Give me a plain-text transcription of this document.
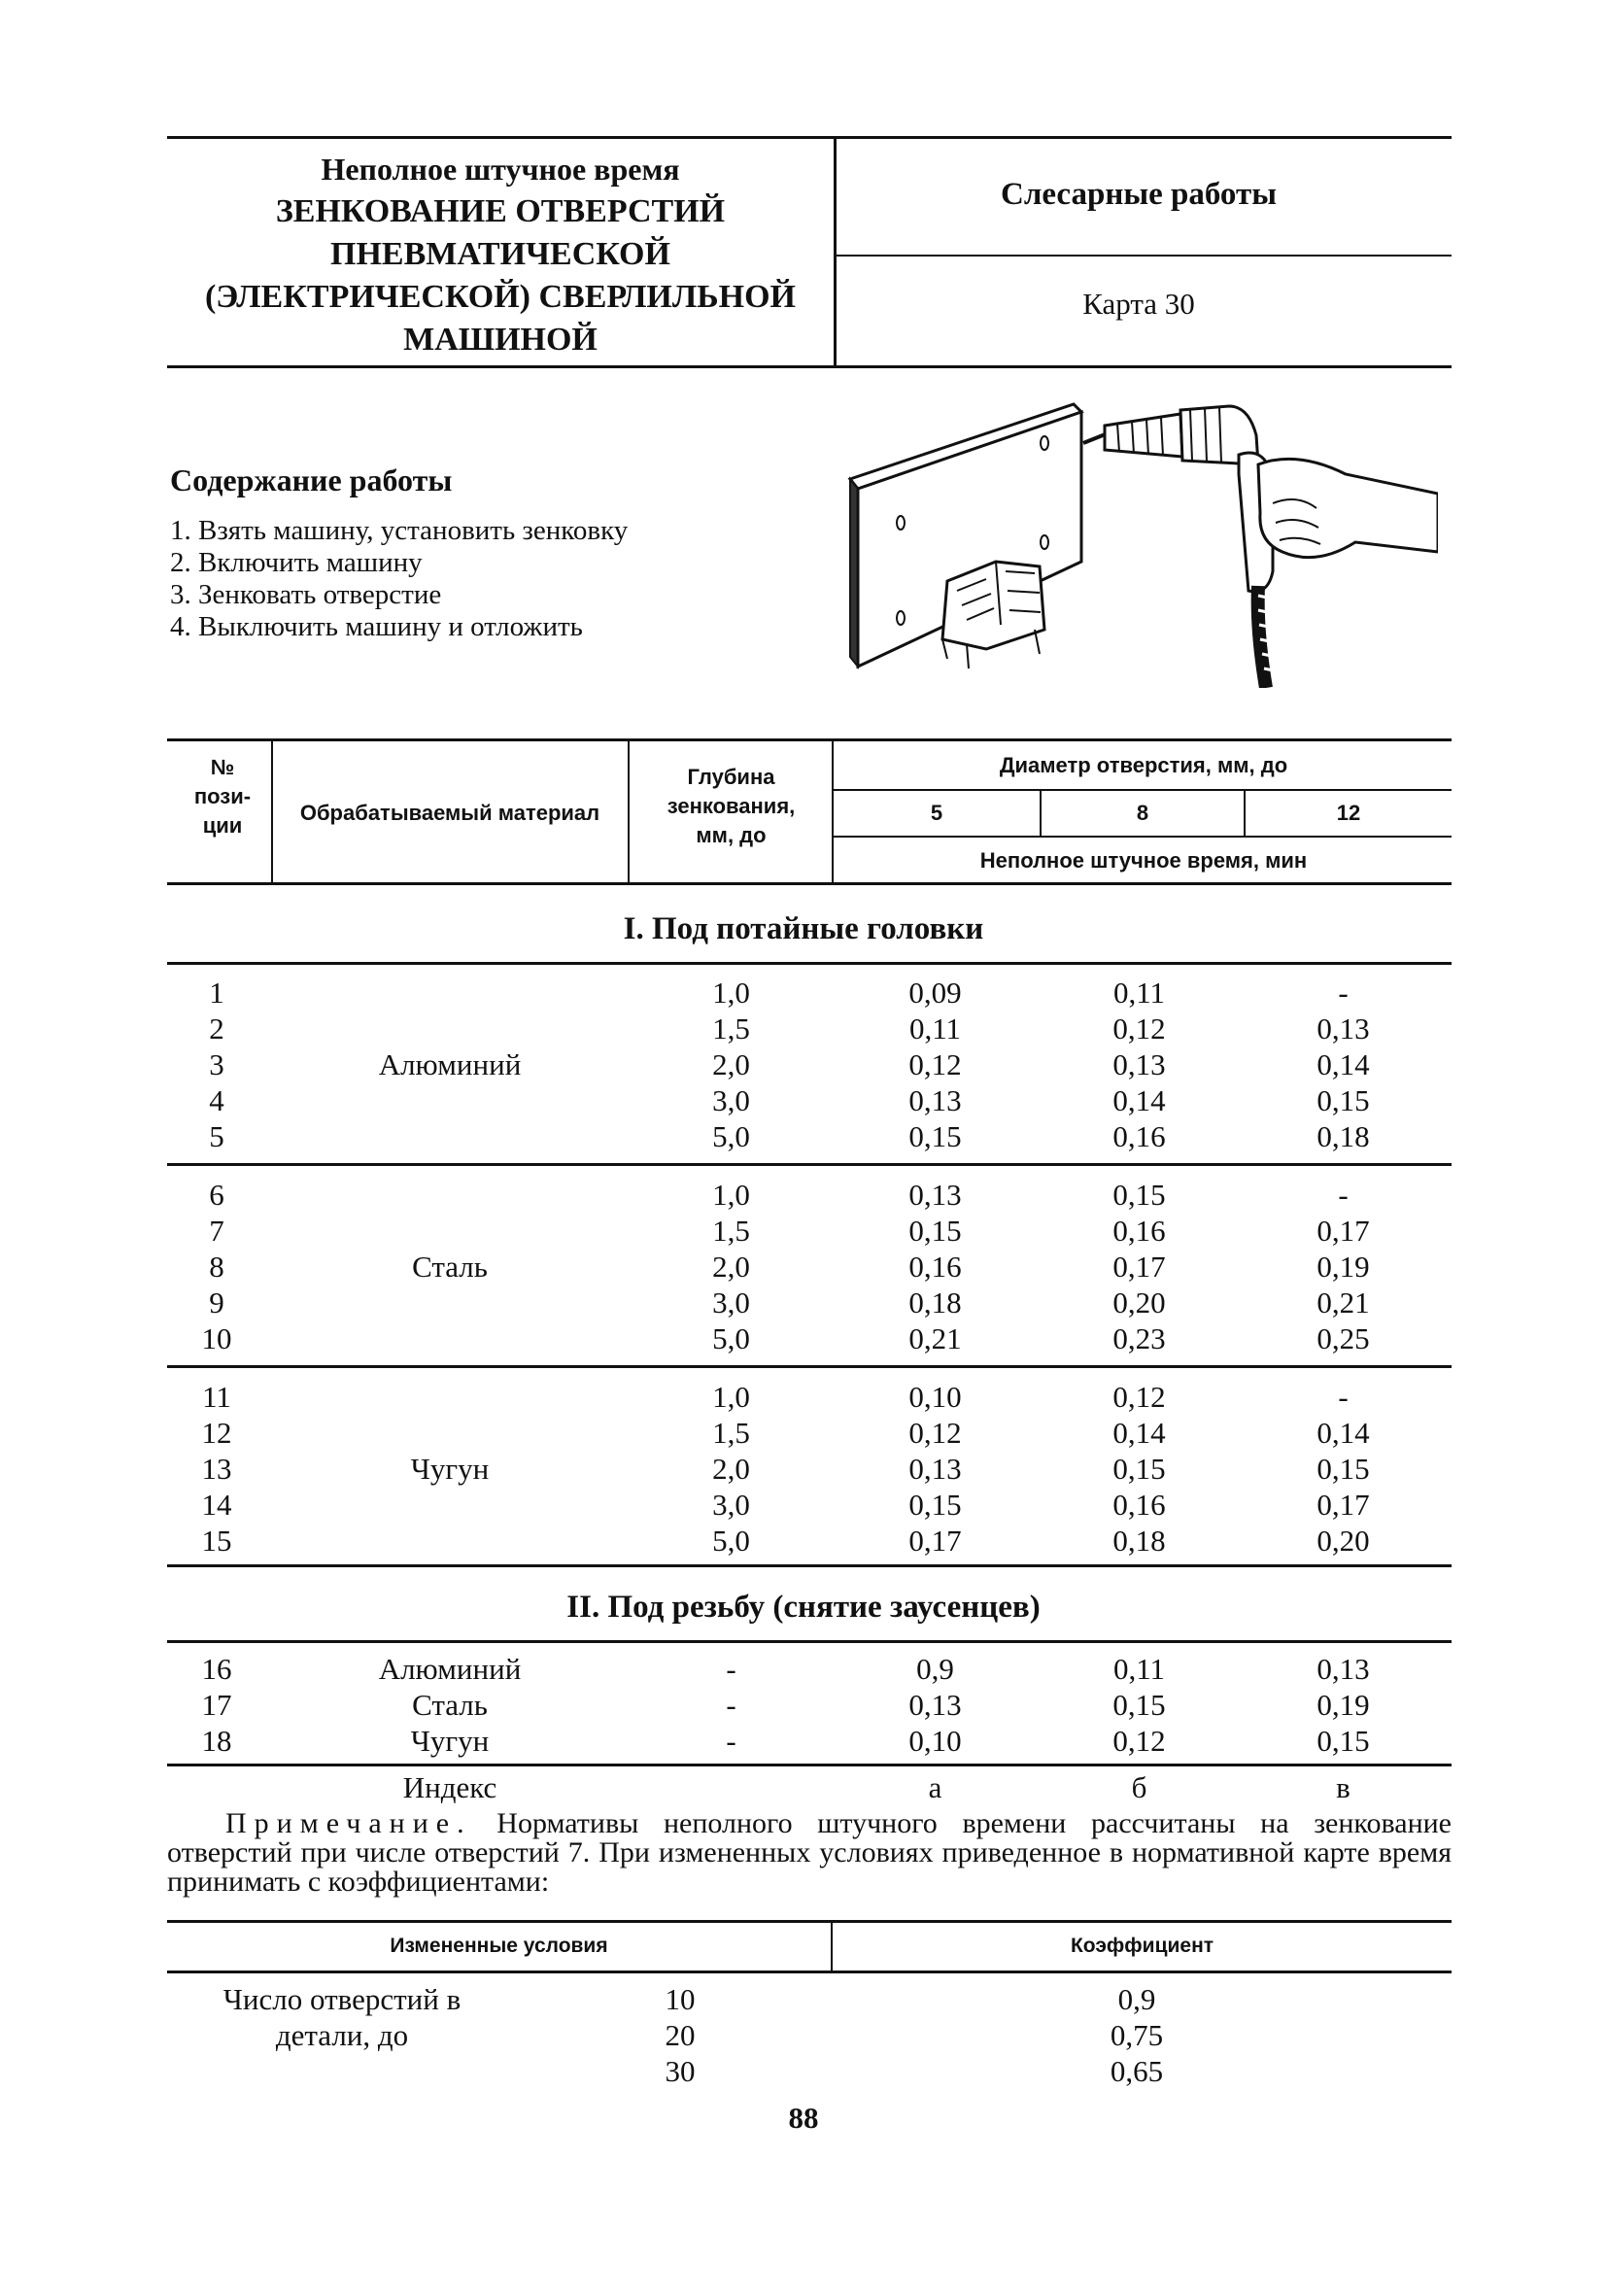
Неполное штучное время
ЗЕНКОВАНИЕ ОТВЕРСТИЙ
ПНЕВМАТИЧЕСКОЙ
(ЭЛЕКТРИЧЕСКОЙ) СВЕРЛИЛЬНОЙ
МАШИНОЙ
Слесарные работы
Карта 30
Содержание работы
1. Взять машину, установить зенковку
2. Включить машину
3. Зенковать отверстие
4. Выключить машину и отложить
№
пози-
ции
Обрабатываемый материал
Глубина
зенкования,
мм, до
Диаметр отверстия, мм, до
5	8	12
Неполное штучное время, мин
I. Под потайные головки
Алюминий
1	1,0	0,09	0,11	-
2	1,5	0,11	0,12	0,13
3	2,0	0,12	0,13	0,14
4	3,0	0,13	0,14	0,15
5	5,0	0,15	0,16	0,18
Сталь
6	1,0	0,13	0,15	-
7	1,5	0,15	0,16	0,17
8	2,0	0,16	0,17	0,19
9	3,0	0,18	0,20	0,21
10	5,0	0,21	0,23	0,25
Чугун
11	1,0	0,10	0,12	-
12	1,5	0,12	0,14	0,14
13	2,0	0,13	0,15	0,15
14	3,0	0,15	0,16	0,17
15	5,0	0,17	0,18	0,20
II. Под резьбу (снятие заусенцев)
16	Алюминий	-	0,9	0,11	0,13
17	Сталь	-	0,13	0,15	0,19
18	Чугун	-	0,10	0,12	0,15
Индекс	а	б	в
Примечание. Нормативы неполного штучного времени рассчитаны на зенкование отверстий при числе отверстий 7. При измененных условиях приведенное в нормативной карте время принимать с коэффициентами:
Измененные условия	Коэффициент
Число отверстий в
детали, до
10	0,9
20	0,75
30	0,65
88
